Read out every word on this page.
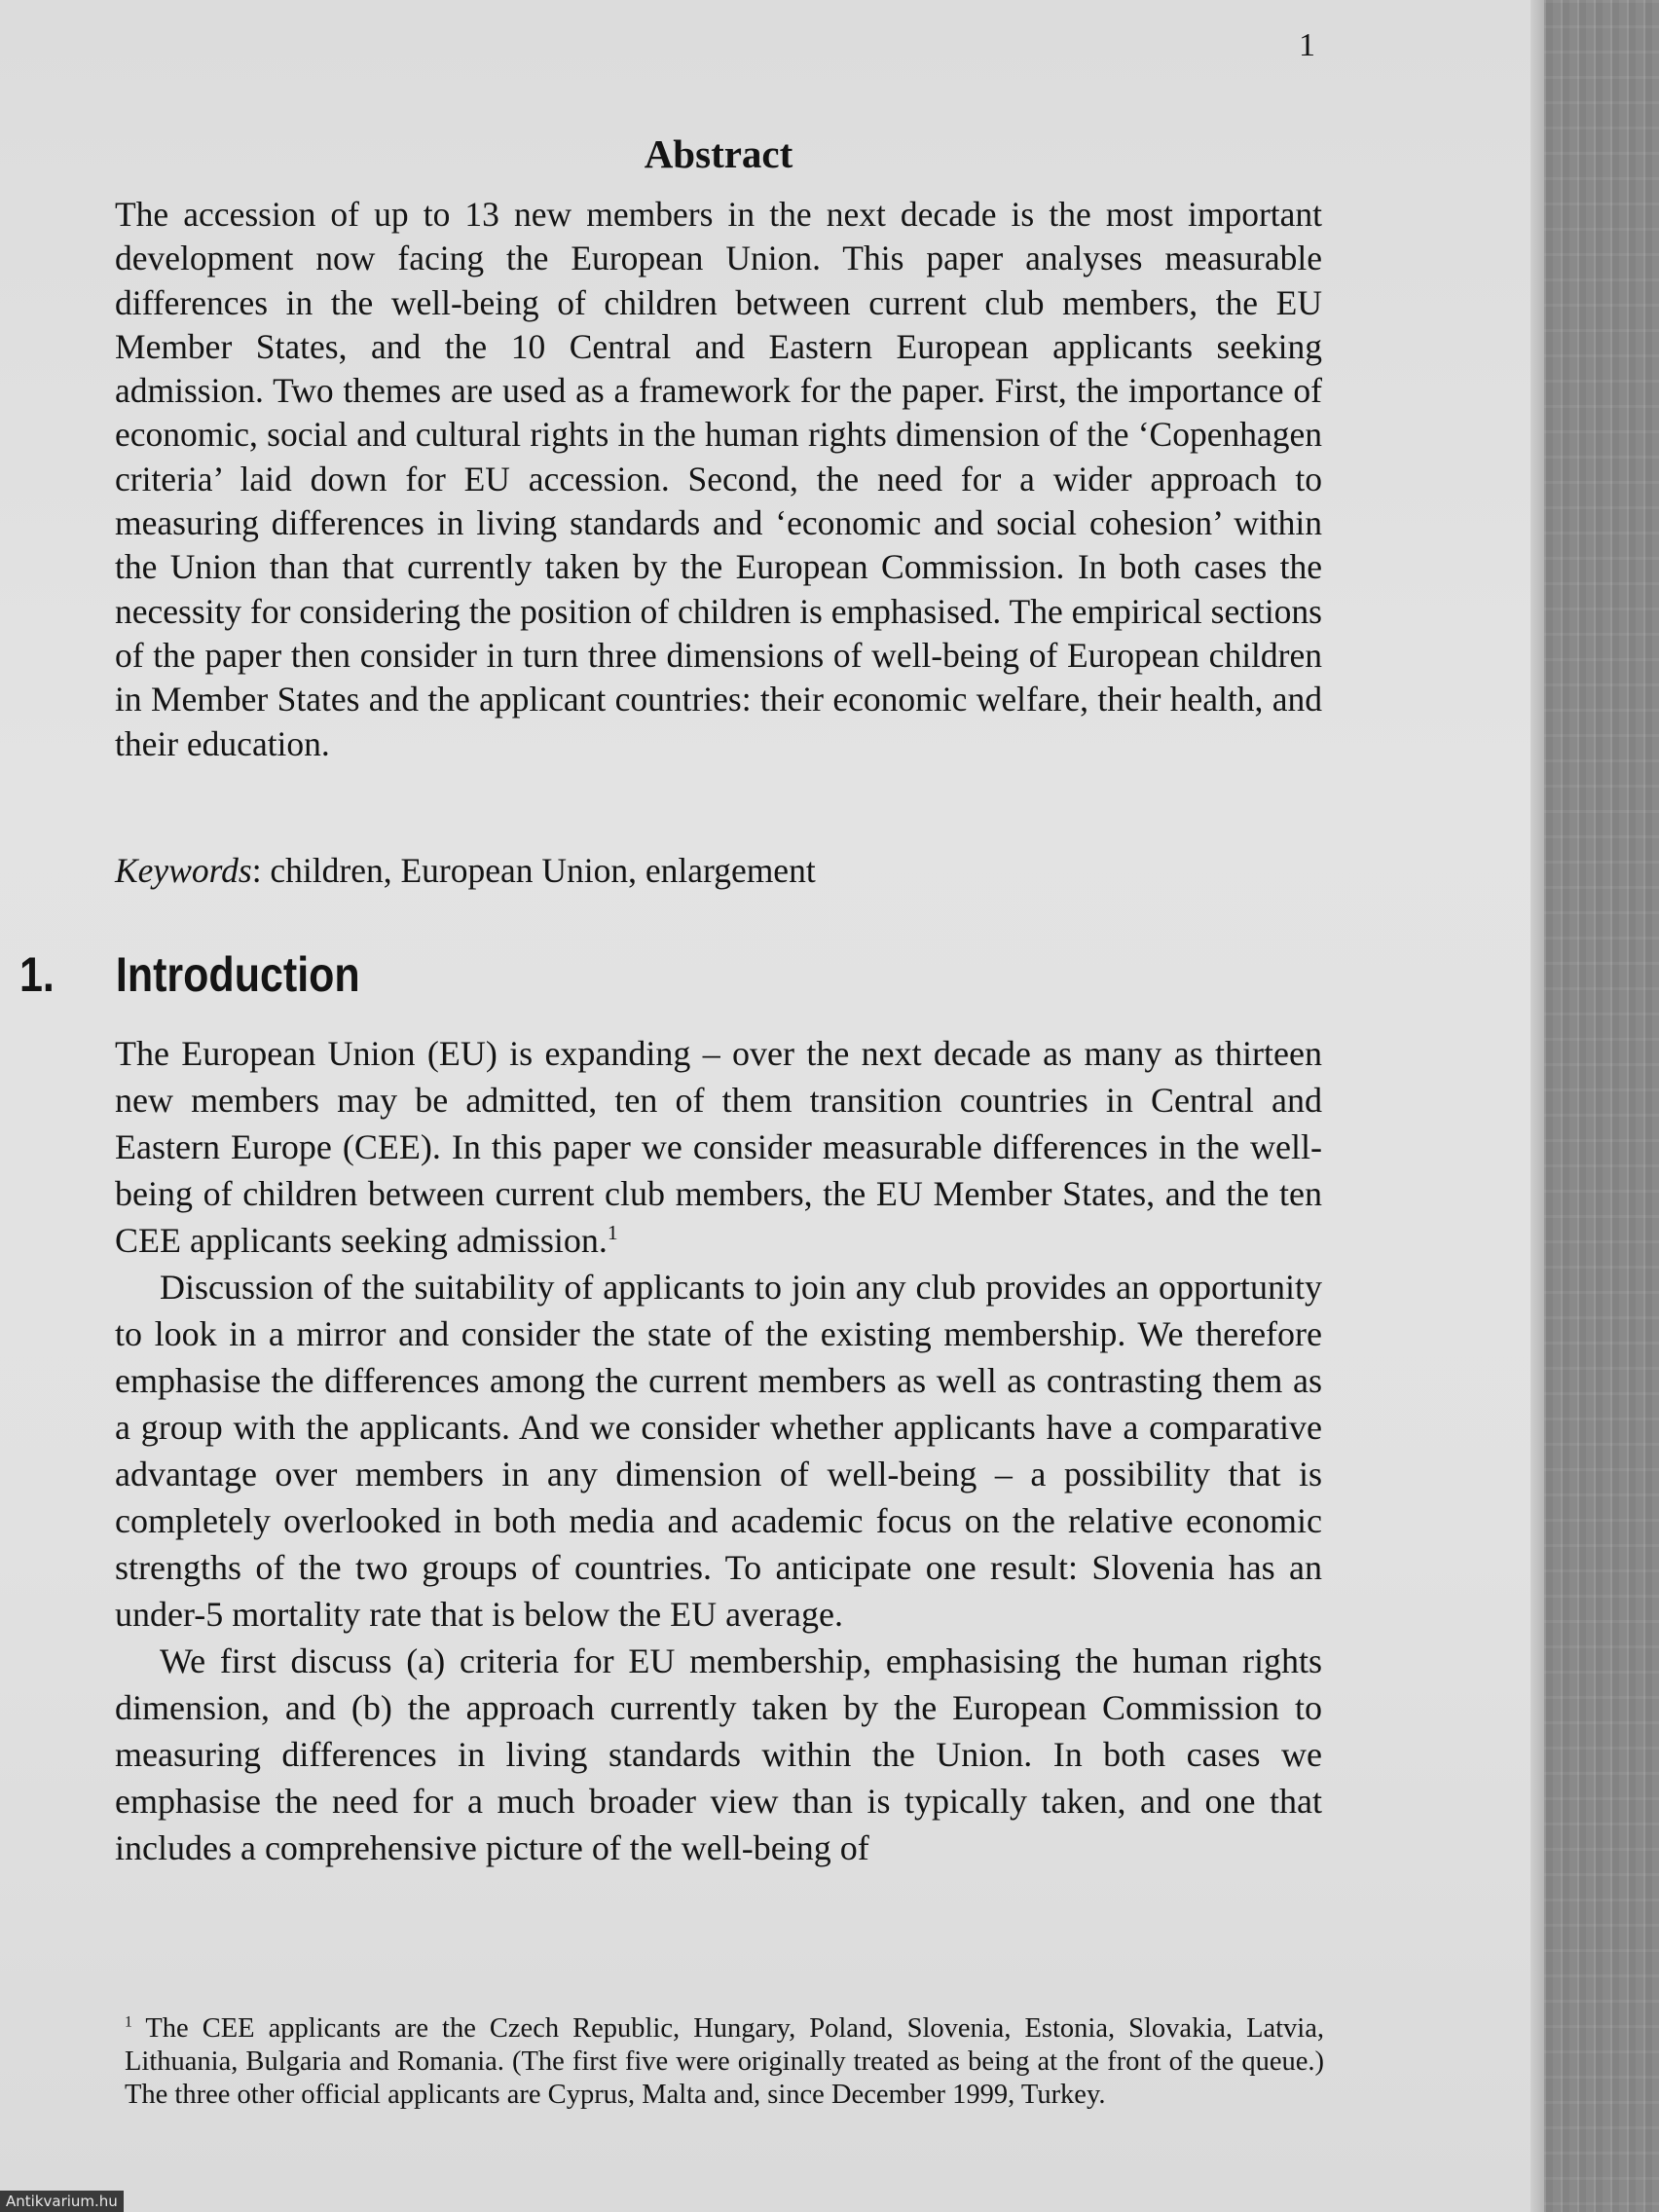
1
Abstract

The accession of up to 13 new members in the next decade is the most important development now facing the European Union. This paper analyses measurable differences in the well-being of children between current club members, the EU Member States, and the 10 Central and Eastern European applicants seeking admission. Two themes are used as a framework for the paper. First, the importance of economic, social and cultural rights in the human rights dimension of the ‘Copenhagen criteria’ laid down for EU accession. Second, the need for a wider approach to measuring differences in living standards and ‘economic and social cohesion’ within the Union than that currently taken by the European Commission. In both cases the necessity for considering the position of children is emphasised. The empirical sections of the paper then consider in turn three dimensions of well-being of European children in Member States and the applicant countries: their economic welfare, their health, and their education.

Keywords: children, European Union, enlargement

1. Introduction

The European Union (EU) is expanding – over the next decade as many as thirteen new members may be admitted, ten of them transition countries in Central and Eastern Europe (CEE). In this paper we consider measurable differences in the well-being of children between current club members, the EU Member States, and the ten CEE applicants seeking admission.$^1$

Discussion of the suitability of applicants to join any club provides an opportunity to look in a mirror and consider the state of the existing membership. We therefore emphasise the differences among the current members as well as contrasting them as a group with the applicants. And we consider whether applicants have a comparative advantage over members in any dimension of well-being – a possibility that is completely overlooked in both media and academic focus on the relative economic strengths of the two groups of countries. To anticipate one result: Slovenia has an under-5 mortality rate that is below the EU average.

We first discuss (a) criteria for EU membership, emphasising the human rights dimension, and (b) the approach currently taken by the European Commission to measuring differences in living standards within the Union. In both cases we emphasise the need for a much broader view than is typically taken, and one that includes a comprehensive picture of the well-being of

$^1$ The CEE applicants are the Czech Republic, Hungary, Poland, Slovenia, Estonia, Slovakia, Latvia, Lithuania, Bulgaria and Romania. (The first five were originally treated as being at the front of the queue.) The three other official applicants are Cyprus, Malta and, since December 1999, Turkey.

Antikvarium.hu
